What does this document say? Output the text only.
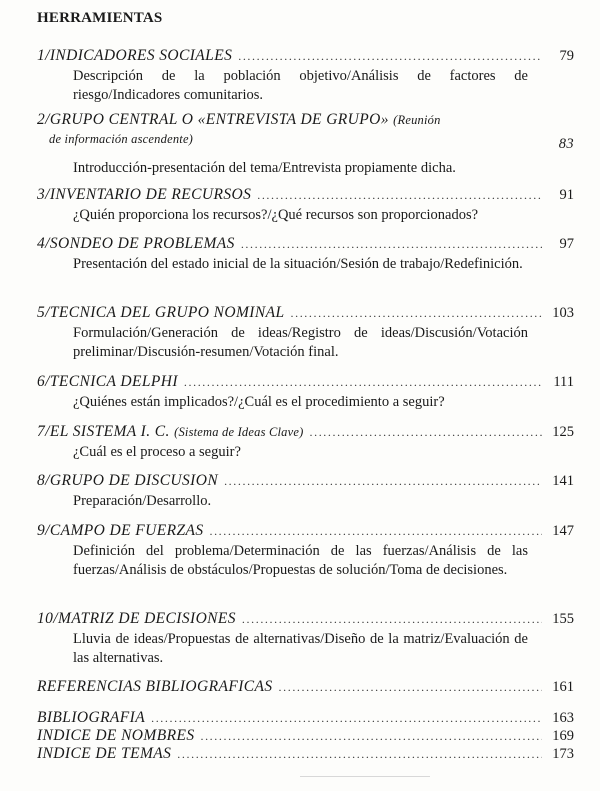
HERRAMIENTAS
1/INDICADORES SOCIALES .....	79
Descripción de la población objetivo/Análisis de factores de riesgo/Indicadores comunitarios.
2/GRUPO CENTRAL O «ENTREVISTA DE GRUPO» (Reunión
de información ascendente)	83
Introducción-presentación del tema/Entrevista propiamente dicha.
3/INVENTARIO DE RECURSOS .....	91
¿Quién proporciona los recursos?/¿Qué recursos son proporcionados?
4/SONDEO DE PROBLEMAS .....	97
Presentación del estado inicial de la situación/Sesión de trabajo/Redefinición.
5/TECNICA DEL GRUPO NOMINAL .....	103
Formulación/Generación de ideas/Registro de ideas/Discusión/Votación preliminar/Discusión-resumen/Votación final.
6/TECNICA DELPHI .....	111
¿Quiénes están implicados?/¿Cuál es el procedimiento a seguir?
7/EL SISTEMA I. C. (Sistema de Ideas Clave) .....	125
¿Cuál es el proceso a seguir?
8/GRUPO DE DISCUSION .....	141
Preparación/Desarrollo.
9/CAMPO DE FUERZAS .....	147
Definición del problema/Determinación de las fuerzas/Análisis de las fuerzas/Análisis de obstáculos/Propuestas de solución/Toma de decisiones.
10/MATRIZ DE DECISIONES .....	155
Lluvia de ideas/Propuestas de alternativas/Diseño de la matriz/Evaluación de las alternativas.
REFERENCIAS BIBLIOGRAFICAS .....	161
BIBLIOGRAFIA .....	163
INDICE DE NOMBRES .....	169
INDICE DE TEMAS .....	173
